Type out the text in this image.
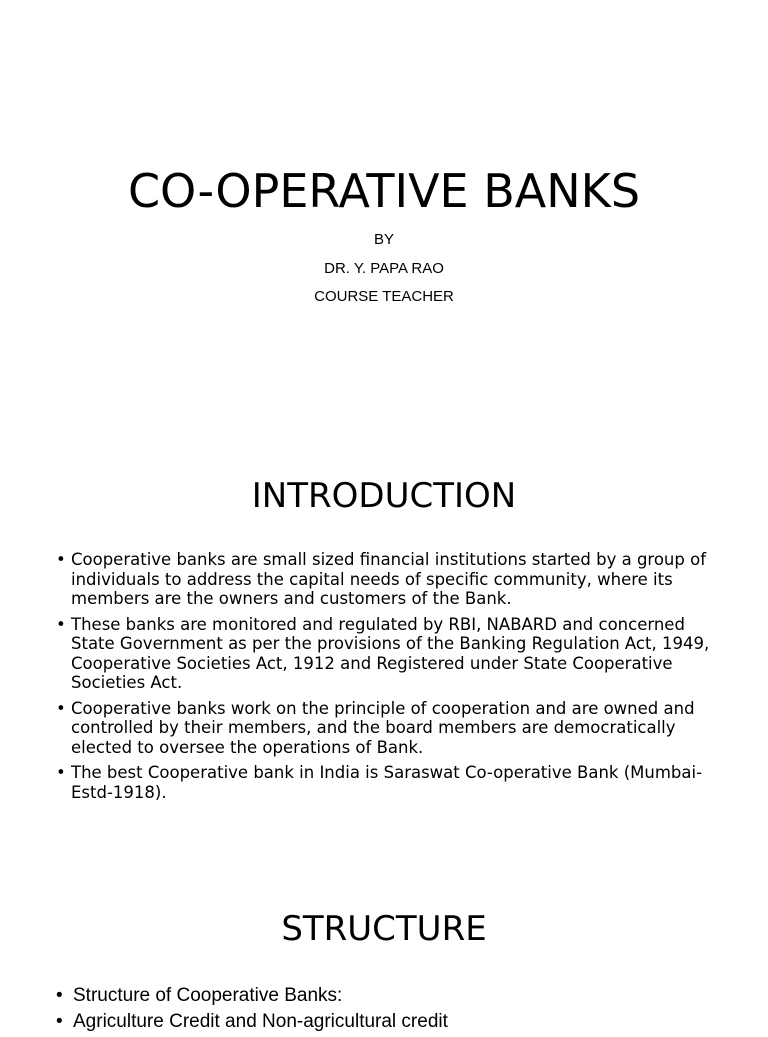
CO-OPERATIVE BANKS
BY
DR. Y. PAPA RAO
COURSE TEACHER
INTRODUCTION
• Cooperative banks are small sized financial institutions started by a group of individuals to address the capital needs of specific community, where its members are the owners and customers of the Bank.
• These banks are monitored and regulated by RBI, NABARD and concerned State Government as per the provisions of the Banking Regulation Act, 1949, Cooperative Societies Act, 1912 and Registered under State Cooperative Societies Act.
• Cooperative banks work on the principle of cooperation and are owned and controlled by their members, and the board members are democratically elected to oversee the operations of Bank.
• The best Cooperative bank in India is Saraswat Co-operative Bank (Mumbai-Estd-1918).
STRUCTURE
• Structure of Cooperative Banks:
• Agriculture Credit and Non-agricultural credit
